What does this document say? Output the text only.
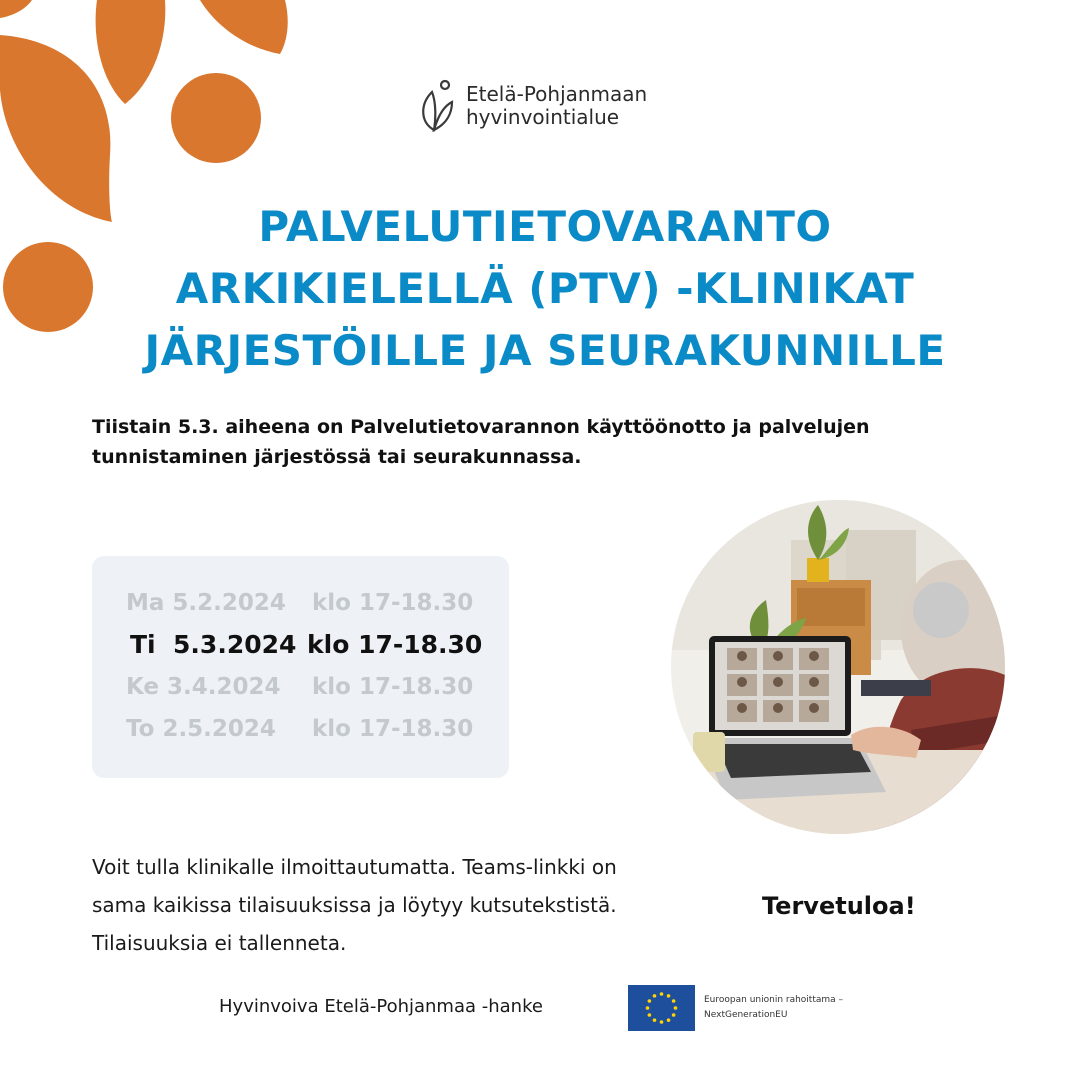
Etelä-Pohjanmaan
hyvinvointialue
PALVELUTIETOVARANTO
ARKIKIELELLÄ (PTV) -KLINIKAT
JÄRJESTÖILLE JA SEURAKUNNILLE
Tiistain 5.3. aiheena on Palvelutietovarannon käyttöönotto ja palvelujen tunnistaminen järjestössä tai seurakunnassa.
Ma 5.2.2024 klo 17-18.30
Ti  5.3.2024 klo 17-18.30
Ke 3.4.2024 klo 17-18.30
To 2.5.2024 klo 17-18.30
Voit tulla klinikalle ilmoittautumatta. Teams-linkki on
sama kaikissa tilaisuuksissa ja löytyy kutsutekstistä.
Tilaisuuksia ei tallenneta.
Tervetuloa!
Hyvinvoiva Etelä-Pohjanmaa -hanke	Euroopan unionin rahoittama –
NextGenerationEU
